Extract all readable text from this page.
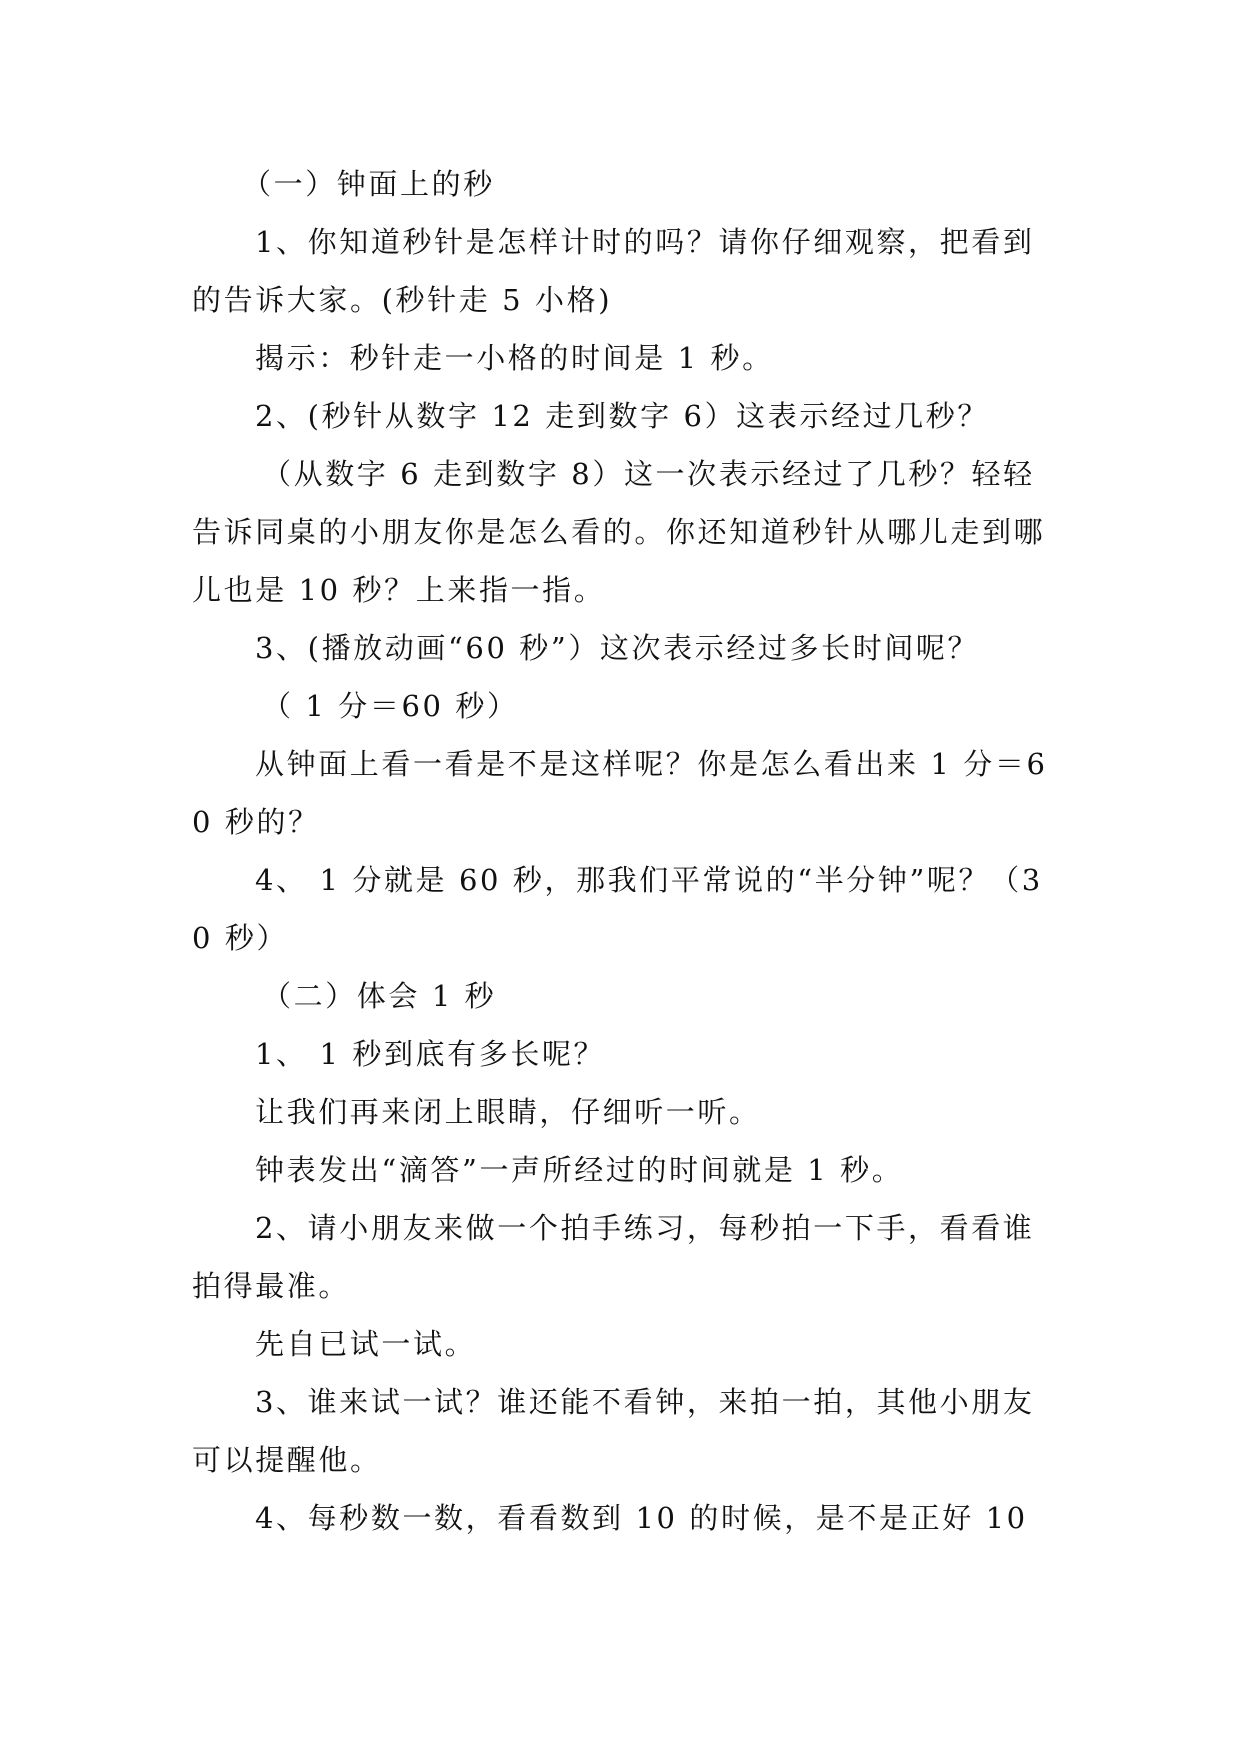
（一）钟面上的秒

1、你知道秒针是怎样计时的吗？请你仔细观察，把看到的告诉大家。(秒针走 5 小格)

揭示：秒针走一小格的时间是 1 秒。

2、(秒针从数字 12 走到数字 6）这表示经过几秒？

（从数字 6 走到数字 8）这一次表示经过了几秒？轻轻告诉同桌的小朋友你是怎么看的。你还知道秒针从哪儿走到哪儿也是 10 秒？上来指一指。

3、(播放动画“60 秒”）这次表示经过多长时间呢？

（ 1 分＝60 秒）

从钟面上看一看是不是这样呢？你是怎么看出来 1 分＝60 秒的？

4、 1 分就是 60 秒，那我们平常说的“半分钟”呢？（30 秒）

（二）体会 1 秒

1、 1 秒到底有多长呢？

让我们再来闭上眼睛，仔细听一听。

钟表发出“滴答”一声所经过的时间就是 1 秒。

2、请小朋友来做一个拍手练习，每秒拍一下手，看看谁拍得最准。

先自已试一试。

3、谁来试一试？谁还能不看钟，来拍一拍，其他小朋友可以提醒他。

4、每秒数一数，看看数到 10 的时候，是不是正好 10
